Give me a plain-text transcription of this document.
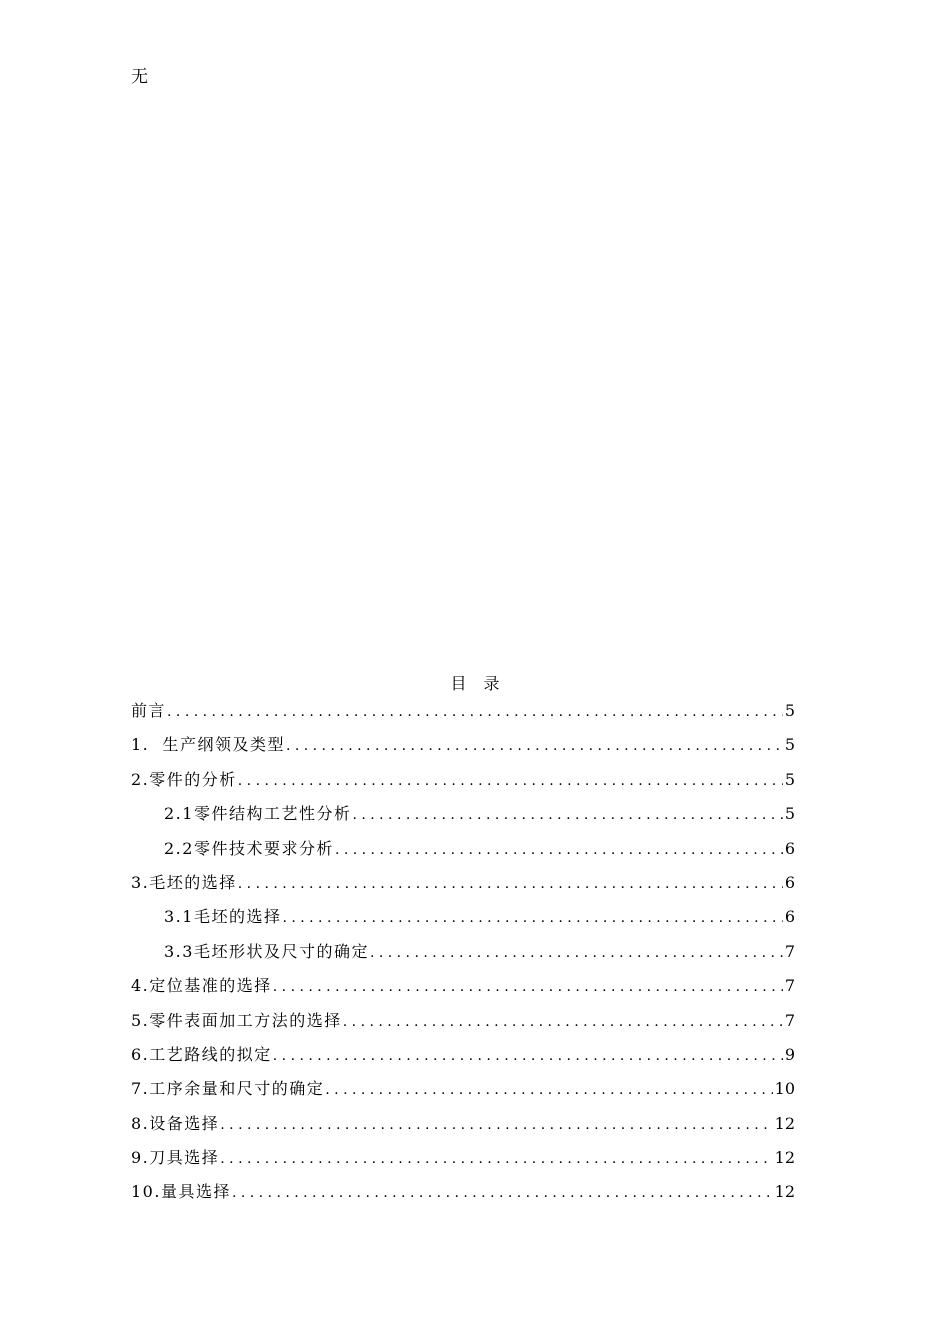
无
目 录
前言 . . .	5
1.  生产纲领及类型 . . .	5
2.零件的分析 . . .	5
2.1零件结构工艺性分析 . . .	5
2.2零件技术要求分析 . . .	6
3.毛坯的选择 . . .	6
3.1毛坯的选择 . . .	6
3.3毛坯形状及尺寸的确定 . . .	7
4.定位基准的选择 . . .	7
5.零件表面加工方法的选择 . . .	7
6.工艺路线的拟定 . . .	9
7.工序余量和尺寸的确定 . . .	10
8.设备选择 . . .	12
9.刀具选择 . . .	12
10.量具选择 . . .	12
